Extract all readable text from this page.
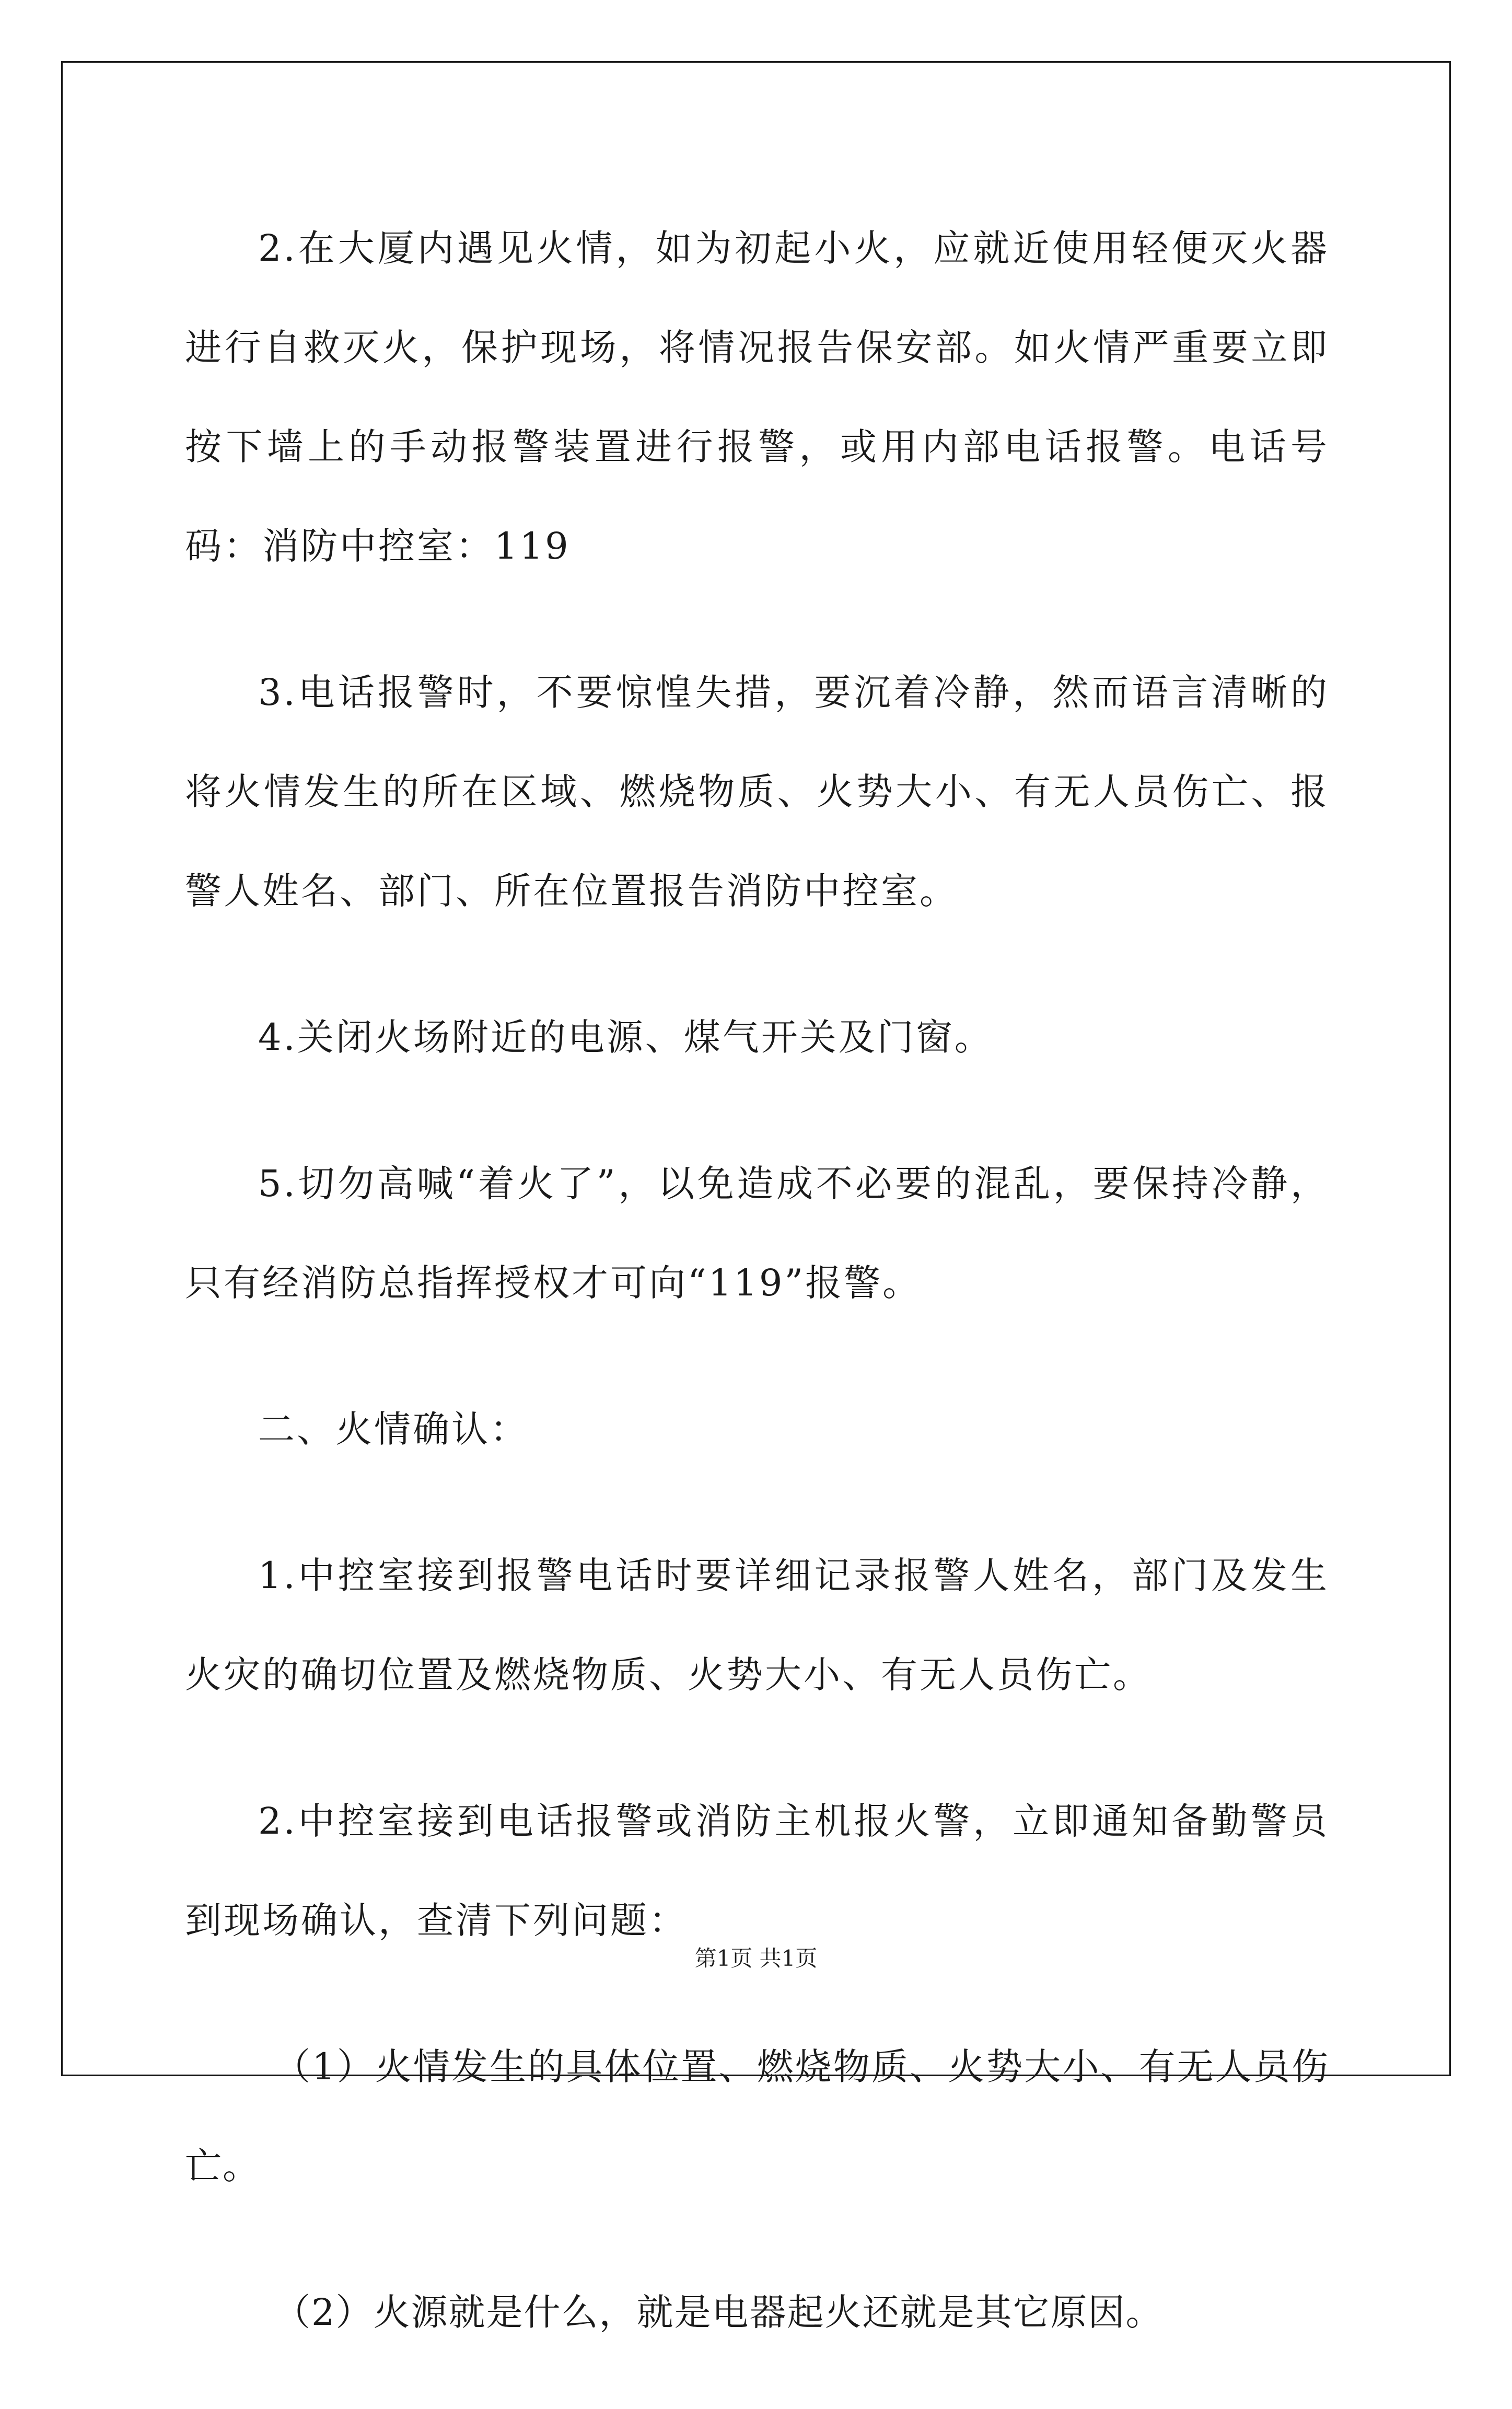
2.在大厦内遇见火情，如为初起小火，应就近使用轻便灭火器进行自救灭火，保护现场，将情况报告保安部。如火情严重要立即按下墙上的手动报警装置进行报警，或用内部电话报警。电话号码：消防中控室：119

3.电话报警时，不要惊惶失措，要沉着冷静，然而语言清晰的将火情发生的所在区域、燃烧物质、火势大小、有无人员伤亡、报警人姓名、部门、所在位置报告消防中控室。

4.关闭火场附近的电源、煤气开关及门窗。

5.切勿高喊“着火了”，以免造成不必要的混乱，要保持冷静，只有经消防总指挥授权才可向“119”报警。

二、火情确认：

1.中控室接到报警电话时要详细记录报警人姓名，部门及发生火灾的确切位置及燃烧物质、火势大小、有无人员伤亡。

2.中控室接到电话报警或消防主机报火警，立即通知备勤警员到现场确认，查清下列问题：

（1）火情发生的具体位置、燃烧物质、火势大小、有无人员伤亡。

（2）火源就是什么，就是电器起火还就是其它原因。

第1页 共1页
